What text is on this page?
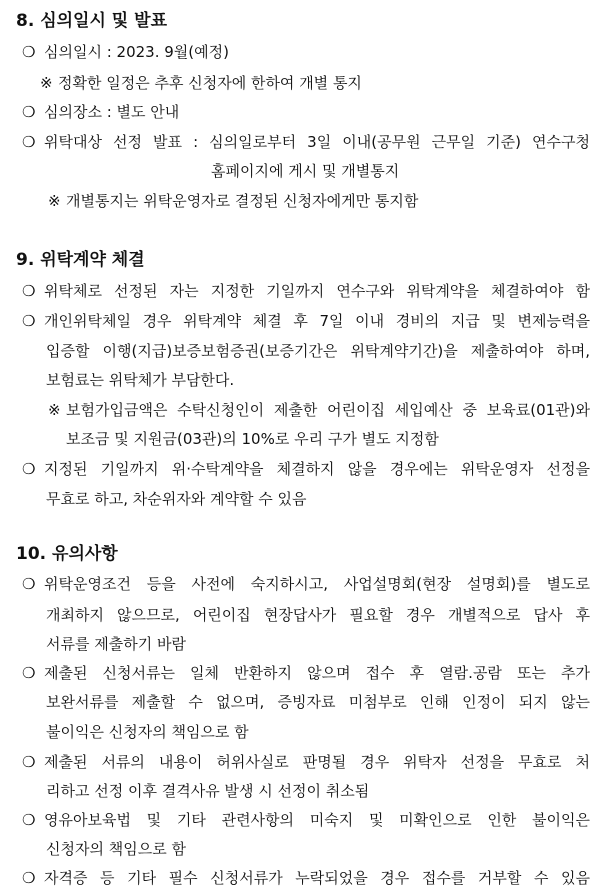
8. 심의일시 및 발표
❍ 심의일시 : 2023. 9월(예정)
※ 정확한 일정은 추후 신청자에 한하여 개별 통지
❍ 심의장소 : 별도 안내
❍ 위탁대상 선정 발표 : 심의일로부터 3일 이내(공무원 근무일 기준) 연수구청
홈페이지에 게시 및 개별통지
※ 개별통지는 위탁운영자로 결정된 신청자에게만 통지함
9. 위탁계약 체결
❍ 위탁체로 선정된 자는 지정한 기일까지 연수구와 위탁계약을 체결하여야 함
❍ 개인위탁체일 경우 위탁계약 체결 후 7일 이내 경비의 지급 및 변제능력을
입증할 이행(지급)보증보험증권(보증기간은 위탁계약기간)을 제출하여야 하며,
보험료는 위탁체가 부담한다.
※ 보험가입금액은 수탁신청인이 제출한 어린이집 세입예산 중 보육료(01관)와
보조금 및 지원금(03관)의 10%로 우리 구가 별도 지정함
❍ 지정된 기일까지 위·수탁계약을 체결하지 않을 경우에는 위탁운영자 선정을
무효로 하고, 차순위자와 계약할 수 있음
10. 유의사항
❍ 위탁운영조건 등을 사전에 숙지하시고, 사업설명회(현장 설명회)를 별도로
개최하지 않으므로, 어린이집 현장답사가 필요할 경우 개별적으로 답사 후
서류를 제출하기 바람
❍ 제출된 신청서류는 일체 반환하지 않으며 접수 후 열람.공람 또는 추가
보완서류를 제출할 수 없으며, 증빙자료 미첨부로 인해 인정이 되지 않는
불이익은 신청자의 책임으로 함
❍ 제출된 서류의 내용이 허위사실로 판명될 경우 위탁자 선정을 무효로 처
리하고 선정 이후 결격사유 발생 시 선정이 취소됨
❍ 영유아보육법 및 기타 관련사항의 미숙지 및 미확인으로 인한 불이익은
신청자의 책임으로 함
❍ 자격증 등 기타 필수 신청서류가 누락되었을 경우 접수를 거부할 수 있음
